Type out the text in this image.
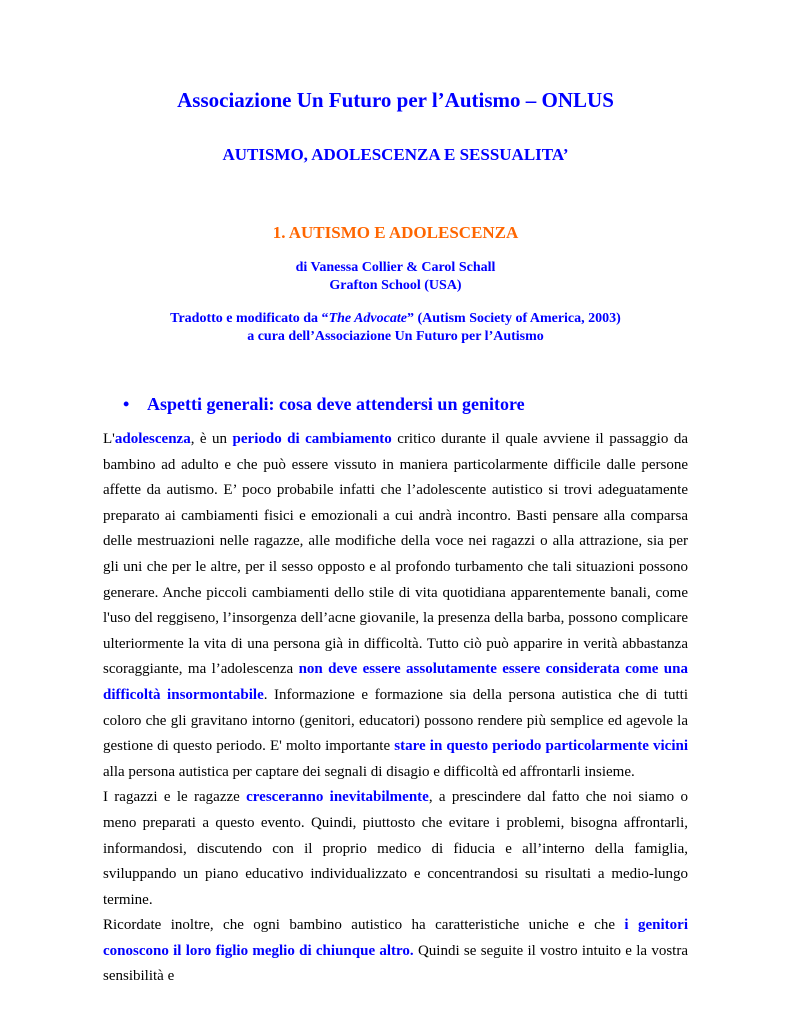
Associazione Un Futuro per l’Autismo – ONLUS
AUTISMO, ADOLESCENZA E SESSUALITA’
1. AUTISMO E ADOLESCENZA
di Vanessa Collier & Carol Schall
Grafton School (USA)
Tradotto e modificato da “The Advocate” (Autism Society of America, 2003)
a cura dell’Associazione Un Futuro per l’Autismo
• Aspetti generali: cosa deve attendersi un genitore

L'adolescenza, è un periodo di cambiamento critico durante il quale avviene il passaggio da bambino ad adulto e che può essere vissuto in maniera particolarmente difficile dalle persone affette da autismo. E’ poco probabile infatti che l’adolescente autistico si trovi adeguatamente preparato ai cambiamenti fisici e emozionali a cui andrà incontro. Basti pensare alla comparsa delle mestruazioni nelle ragazze, alle modifiche della voce nei ragazzi o alla attrazione, sia per gli uni che per le altre, per il sesso opposto e al profondo turbamento che tali situazioni possono generare. Anche piccoli cambiamenti dello stile di vita quotidiana apparentemente banali, come l'uso del reggiseno, l’insorgenza dell’acne giovanile, la presenza della barba, possono complicare ulteriormente la vita di una persona già in difficoltà. Tutto ciò può apparire in verità abbastanza scoraggiante, ma l’adolescenza non deve essere assolutamente essere considerata come una difficoltà insormontabile. Informazione e formazione sia della persona autistica che di tutti coloro che gli gravitano intorno (genitori, educatori) possono rendere più semplice ed agevole la gestione di questo periodo. E' molto importante stare in questo periodo particolarmente vicini alla persona autistica per captare dei segnali di disagio e difficoltà ed affrontarli insieme.

I ragazzi e le ragazze cresceranno inevitabilmente, a prescindere dal fatto che noi siamo o meno preparati a questo evento. Quindi, piuttosto che evitare i problemi, bisogna affrontarli, informandosi, discutendo con il proprio medico di fiducia e all’interno della famiglia, sviluppando un piano educativo individualizzato e concentrandosi su risultati a medio-lungo termine.

Ricordate inoltre, che ogni bambino autistico ha caratteristiche uniche e che i genitori conoscono il loro figlio meglio di chiunque altro. Quindi se seguite il vostro intuito e la vostra sensibilità e
